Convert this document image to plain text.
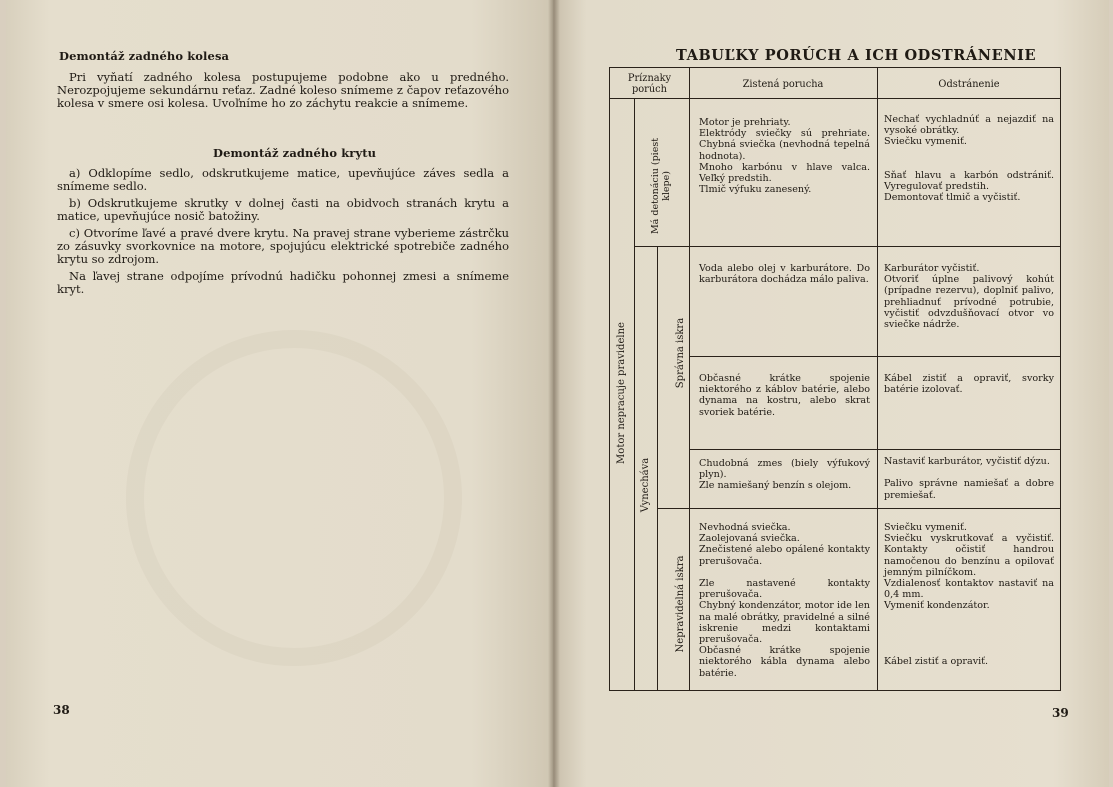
Demontáž zadného kolesa

Pri vyňatí zadného kolesa postupujeme podobne ako u predného. Nerozpojujeme sekundárnu reťaz. Zadné koleso snímeme z čapov reťazového kolesa v smere osi kolesa. Uvoľníme ho zo záchytu reakcie a snímeme.

Demontáž zadného krytu

a) Odklopíme sedlo, odskrutkujeme matice, upevňujúce záves sedla a snímeme sedlo.

b) Odskrutkujeme skrutky v dolnej časti na obidvoch stranách krytu a matice, upevňujúce nosič batožiny.

c) Otvoríme ľavé a pravé dvere krytu. Na pravej strane vyberieme zástrčku zo zásuvky svorkovnice na motore, spojujúcu elektrické spotrebiče zadného krytu so zdrojom.

Na ľavej strane odpojíme prívodnú hadičku pohonnej zmesi a snímeme kryt.

38
TABUĽKY PORÚCH A ICH ODSTRÁNENIE
Príznaky porúch	Zistená porucha	Odstránenie
Motor nepracuje pravidelne
Má detonáciu (piest klepe)
Vynecháva
Správna iskra
Nepravidelná iskra

Motor je prehriaty.
Elektródy sviečky sú prehriate. Chybná sviečka (nevhodná tepelná hodnota).
Mnoho karbónu v hlave valca. Veľký predstih.
Tlmič výfuku zanesený.

Nechať vychladnúť a nejazdiť na vysoké obrátky.
Sviečku vymeniť.

Sňať hlavu a karbón odstrániť. Vyregulovať predstih.
Demontovať tlmič a vyčistiť.

Voda alebo olej v karburátore. Do karburátora dochádza málo paliva.

Karburátor vyčistiť.
Otvoriť úplne palivový kohút (prípadne rezervu), doplniť palivo, prehliadnuť prívodné potrubie, vyčistiť odvzdušňovací otvor vo sviečke nádrže.

Občasné krátke spojenie niektorého z káblov batérie, alebo dynama na kostru, alebo skrat svoriek batérie.

Kábel zistiť a opraviť, svorky batérie izolovať.

Chudobná zmes (biely výfukový plyn).
Zle namiešaný benzín s olejom.

Nastaviť karburátor, vyčistiť dýzu.

Palivo správne namiešať a dobre premiešať.

Nevhodná sviečka.
Zaolejovaná sviečka.
Znečistené alebo opálené kontakty prerušovača.

Zle nastavené kontakty prerušovača.
Chybný kondenzátor, motor ide len na malé obrátky, pravidelné a silné iskrenie medzi kontaktami prerušovača.
Občasné krátke spojenie niektorého kábla dynama alebo batérie.

Sviečku vymeniť.
Sviečku vyskrutkovať a vyčistiť. Kontakty očistiť handrou namočenou do benzínu a opilovať jemným pilníčkom.
Vzdialenosť kontaktov nastaviť na 0,4 mm.
Vymeniť kondenzátor.

Kábel zistiť a opraviť.

39
